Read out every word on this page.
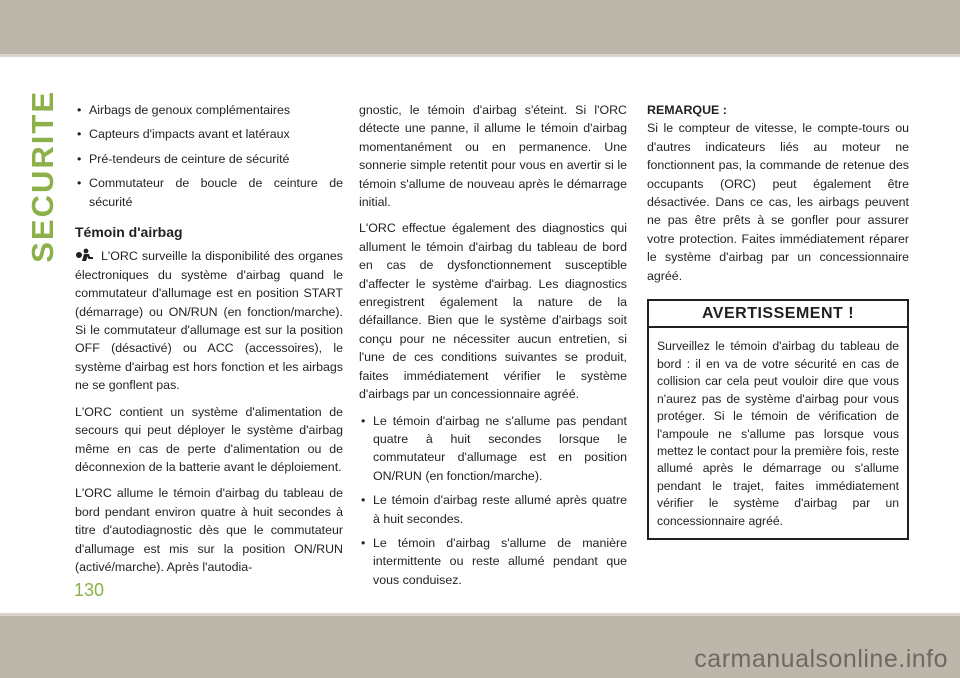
SECURITE • Airbags de genoux complémentaires
• Capteurs d'impacts avant et latéraux
• Pré-tendeurs de ceinture de sécurité
• Commutateur de boucle de ceinture de sécurité
Témoin d'airbag

L'ORC surveille la disponibilité des organes électroniques du système d'airbag quand le commutateur d'allumage est en position START (démarrage) ou ON/RUN (en fonction/marche). Si le commutateur d'allumage est sur la position OFF (désactivé) ou ACC (accessoires), le système d'airbag est hors fonction et les airbags ne se gonflent pas.

L'ORC contient un système d'alimentation de secours qui peut déployer le système d'airbag même en cas de perte d'alimentation ou de déconnexion de la batterie avant le déploiement.

L'ORC allume le témoin d'airbag du tableau de bord pendant environ quatre à huit secondes à titre d'autodiagnostic dès que le commutateur d'allumage est mis sur la position ON/RUN (activé/marche). Après l'autodia-

gnostic, le témoin d'airbag s'éteint. Si l'ORC détecte une panne, il allume le témoin d'airbag momentanément ou en permanence. Une sonnerie simple retentit pour vous en avertir si le témoin s'allume de nouveau après le démarrage initial.

L'ORC effectue également des diagnostics qui allument le témoin d'airbag du tableau de bord en cas de dysfonctionnement susceptible d'affecter le système d'airbag. Les diagnostics enregistrent également la nature de la défaillance. Bien que le système d'airbags soit conçu pour ne nécessiter aucun entretien, si l'une de ces conditions suivantes se produit, faites immédiatement vérifier le système d'airbags par un concessionnaire agréé.

• Le témoin d'airbag ne s'allume pas pendant quatre à huit secondes lorsque le commutateur d'allumage est en position ON/RUN (en fonction/marche).
• Le témoin d'airbag reste allumé après quatre à huit secondes.
• Le témoin d'airbag s'allume de manière intermittente ou reste allumé pendant que vous conduisez.
REMARQUE :

Si le compteur de vitesse, le compte-tours ou d'autres indicateurs liés au moteur ne fonctionnent pas, la commande de retenue des occupants (ORC) peut également être désactivée. Dans ce cas, les airbags peuvent ne pas être prêts à se gonfler pour assurer votre protection. Faites immédiatement réparer le système d'airbag par un concessionnaire agréé.

AVERTISSEMENT !
Surveillez le témoin d'airbag du tableau de bord : il en va de votre sécurité en cas de collision car cela peut vouloir dire que vous n'aurez pas de système d'airbag pour vous protéger. Si le témoin de vérification de l'ampoule ne s'allume pas lorsque vous mettez le contact pour la première fois, reste allumé après le démarrage ou s'allume pendant le trajet, faites immédiatement vérifier le système d'airbag par un concessionnaire agréé.
130
carmanualsonline.info
